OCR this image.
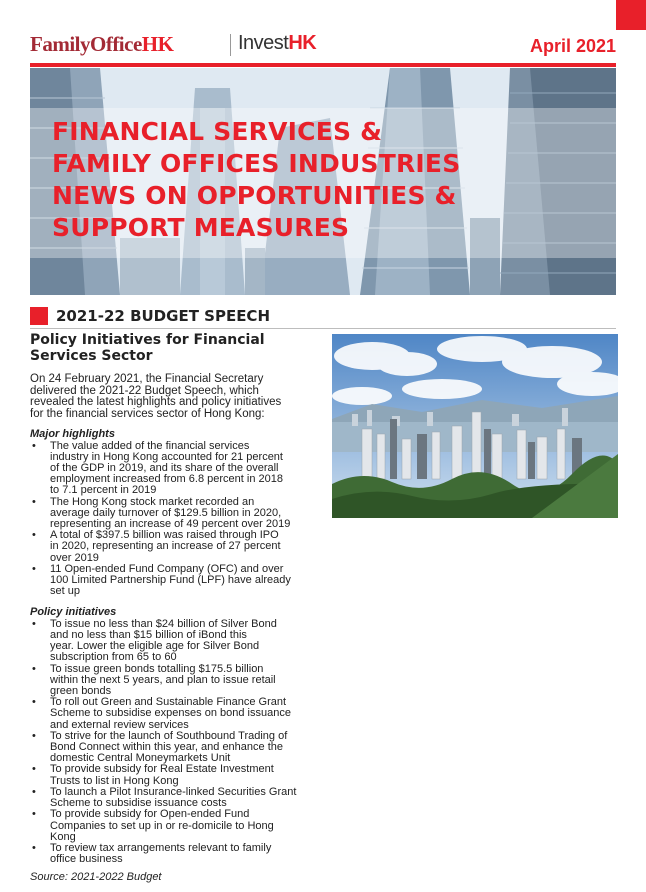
FamilyOfficeHK	InvestHK	April 2021
FINANCIAL SERVICES &
FAMILY OFFICES INDUSTRIES
NEWS ON OPPORTUNITIES &
SUPPORT MEASURES
2021-22 BUDGET SPEECH
Policy Initiatives for Financial
Services Sector

On 24 February 2021, the Financial Secretary
delivered the 2021-22 Budget Speech, which
revealed the latest highlights and policy initiatives
for the financial services sector of Hong Kong:

Major highlights

• The value added of the financial services
industry in Hong Kong accounted for 21 percent
of the GDP in 2019, and its share of the overall
employment increased from 6.8 percent in 2018
to 7.1 percent in 2019
• The Hong Kong stock market recorded an
average daily turnover of $129.5 billion in 2020,
representing an increase of 49 percent over 2019
• A total of $397.5 billion was raised through IPO
in 2020, representing an increase of 27 percent
over 2019
• 11 Open-ended Fund Company (OFC) and over
100 Limited Partnership Fund (LPF) have already
set up

Policy initiatives

• To issue no less than $24 billion of Silver Bond
and no less than $15 billion of iBond this
year. Lower the eligible age for Silver Bond
subscription from 65 to 60
• To issue green bonds totalling $175.5 billion
within the next 5 years, and plan to issue retail
green bonds
• To roll out Green and Sustainable Finance Grant
Scheme to subsidise expenses on bond issuance
and external review services
• To strive for the launch of Southbound Trading of
Bond Connect within this year, and enhance the
domestic Central Moneymarkets Unit
• To provide subsidy for Real Estate Investment
Trusts to list in Hong Kong
• To launch a Pilot Insurance-linked Securities Grant
Scheme to subsidise issuance costs
• To provide subsidy for Open-ended Fund
Companies to set up in or re-domicile to Hong
Kong
• To review tax arrangements relevant to family
office business

Source: 2021-2022 Budget
